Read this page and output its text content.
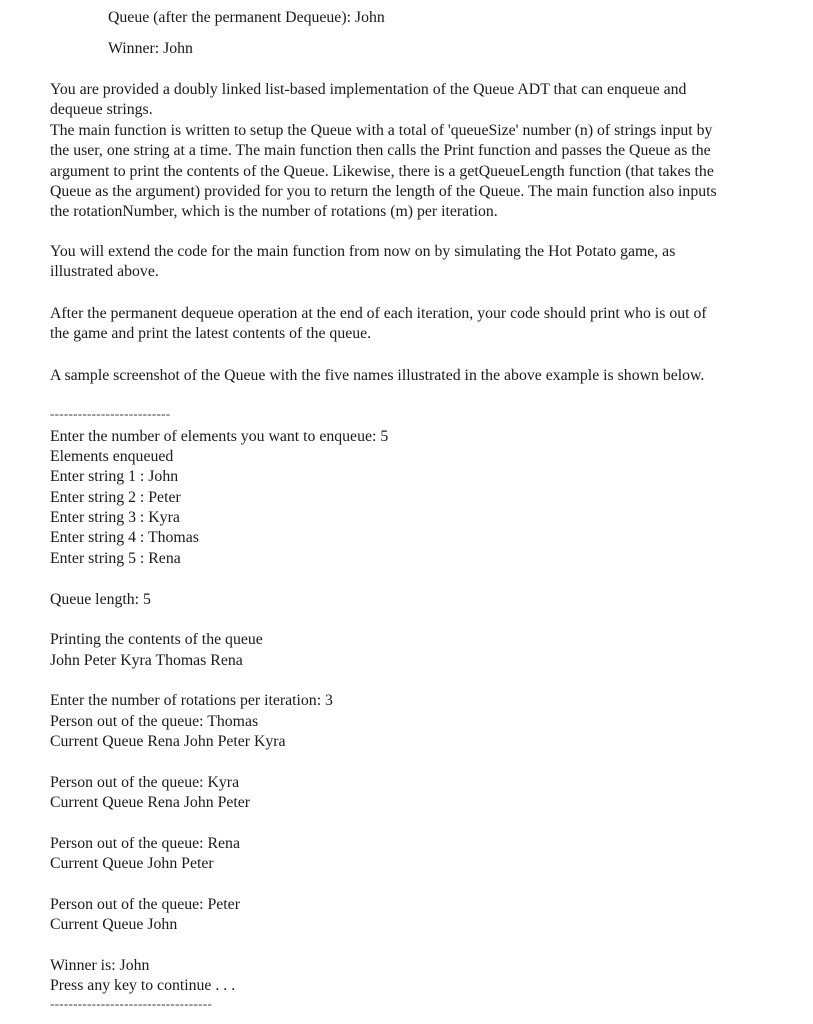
Queue (after the permanent Dequeue): John
Winner: John
You are provided a doubly linked list-based implementation of the Queue ADT that can enqueue and
dequeue strings.
The main function is written to setup the Queue with a total of 'queueSize' number (n) of strings input by
the user, one string at a time. The main function then calls the Print function and passes the Queue as the
argument to print the contents of the Queue. Likewise, there is a getQueueLength function (that takes the
Queue as the argument) provided for you to return the length of the Queue. The main function also inputs
the rotationNumber, which is the number of rotations (m) per iteration.
You will extend the code for the main function from now on by simulating the Hot Potato game, as
illustrated above.
After the permanent dequeue operation at the end of each iteration, your code should print who is out of
the game and print the latest contents of the queue.
A sample screenshot of the Queue with the five names illustrated in the above example is shown below.
--------------------------
Enter the number of elements you want to enqueue: 5
Elements enqueued
Enter string 1 : John
Enter string 2 : Peter
Enter string 3 : Kyra
Enter string 4 : Thomas
Enter string 5 : Rena
Queue length: 5
Printing the contents of the queue
John Peter Kyra Thomas Rena
Enter the number of rotations per iteration: 3
Person out of the queue: Thomas
Current Queue Rena John Peter Kyra
Person out of the queue: Kyra
Current Queue Rena John Peter
Person out of the queue: Rena
Current Queue John Peter
Person out of the queue: Peter
Current Queue John
Winner is: John
Press any key to continue . . .
-----------------------------------
